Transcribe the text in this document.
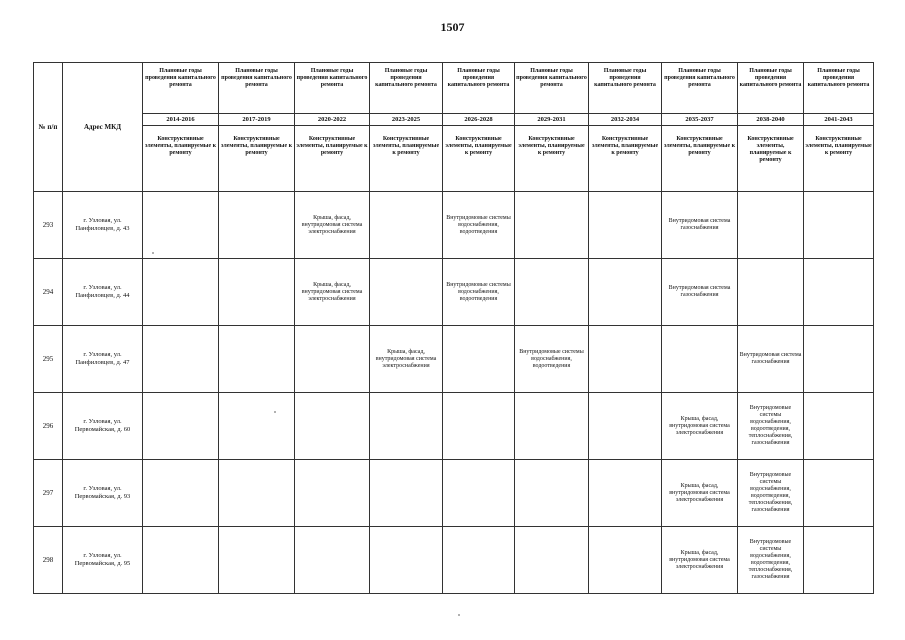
1507
№ п/п	Адрес МКД	Плановые годы проведения капитального ремонта	Плановые годы проведения капитального ремонта	Плановые годы проведения капитального ремонта	Плановые годы проведения капитального ремонта	Плановые годы проведения капитального ремонта	Плановые годы проведения капитального ремонта	Плановые годы проведения капитального ремонта	Плановые годы проведения капитального ремонта	Плановые годы проведения капитального ремонта	Плановые годы проведения капитального ремонта
		2014-2016	2017-2019	2020-2022	2023-2025	2026-2028	2029-2031	2032-2034	2035-2037	2038-2040	2041-2043
		Конструктивные элементы, планируемые к ремонту	Конструктивные элементы, планируемые к ремонту	Конструктивные элементы, планируемые к ремонту	Конструктивные элементы, планируемые к ремонту	Конструктивные элементы, планируемые к ремонту	Конструктивные элементы, планируемые к ремонту	Конструктивные элементы, планируемые к ремонту	Конструктивные элементы, планируемые к ремонту	Конструктивные элементы, планируемые к ремонту	Конструктивные элементы, планируемые к ремонту
293	г. Узловая, ул. Панфиловцев, д. 43			Крыша, фасад, внутридомовая система электроснабжения		Внутридомовые системы водоснабжения, водоотведения			Внутридомовая система газоснабжения		
294	г. Узловая, ул. Панфиловцев, д. 44			Крыша, фасад, внутридомовая система электроснабжения		Внутридомовые системы водоснабжения, водоотведения			Внутридомовая система газоснабжения		
295	г. Узловая, ул. Панфиловцев, д. 47				Крыша, фасад, внутридомовая система электроснабжения		Внутридомовые системы водоснабжения, водоотведения			Внутридомовая система газоснабжения	
296	г. Узловая, ул. Первомайская, д. 60								Крыша, фасад, внутридомовая система электроснабжения	Внутридомовые системы водоснабжения, водоотведения, теплоснабжения, газоснабжения	
297	г. Узловая, ул. Первомайская, д. 93								Крыша, фасад, внутридомовая система электроснабжения	Внутридомовые системы водоснабжения, водоотведения, теплоснабжения, газоснабжения	
298	г. Узловая, ул. Первомайская, д. 95								Крыша, фасад, внутридомовая система электроснабжения	Внутридомовые системы водоснабжения, водоотведения, теплоснабжения, газоснабжения	
